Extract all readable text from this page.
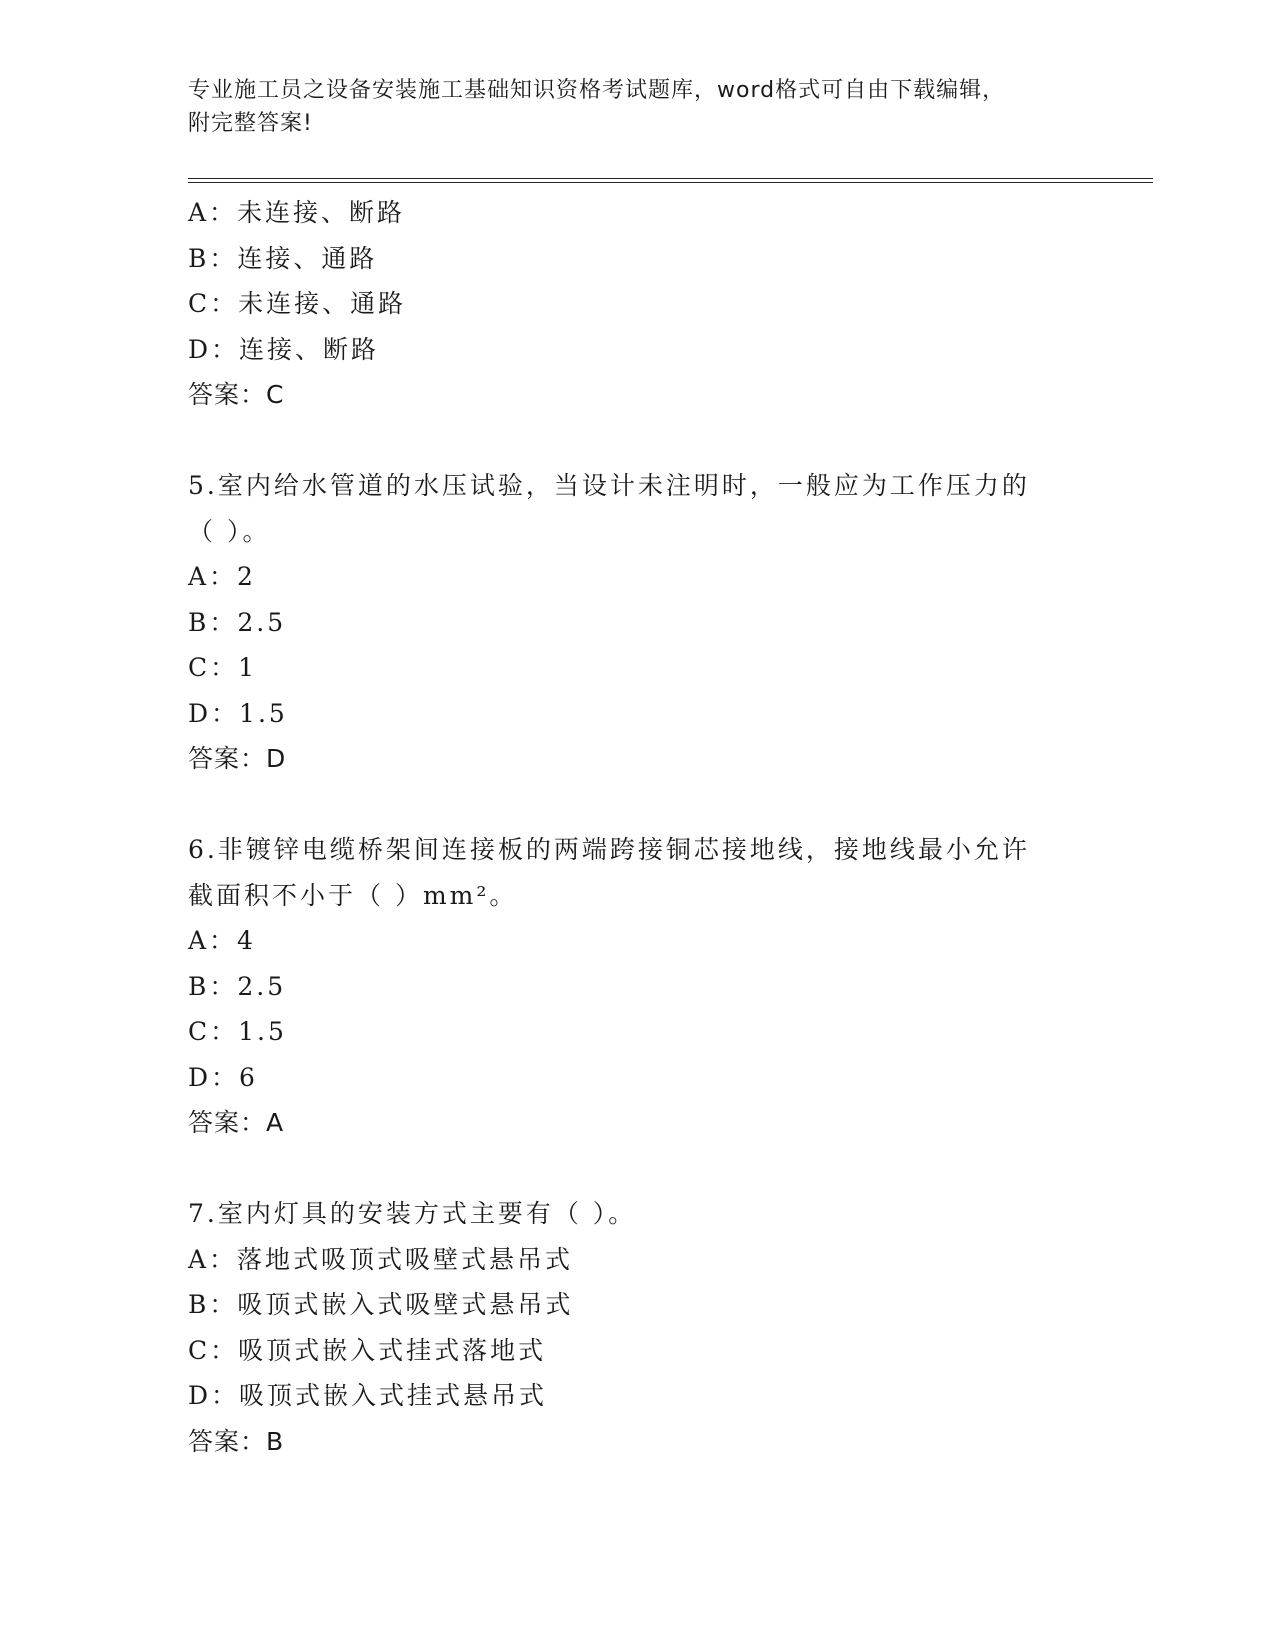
专业施工员之设备安装施工基础知识资格考试题库，word格式可自由下载编辑，
附完整答案!
A：未连接、断路
B：连接、通路
C：未连接、通路
D：连接、断路
答案：C
5.室内给水管道的水压试验，当设计未注明时，一般应为工作压力的
（ ）。
A：2
B：2.5
C：1
D：1.5
答案：D
6.非镀锌电缆桥架间连接板的两端跨接铜芯接地线，接地线最小允许
截面积不小于（ ）mm²。
A：4
B：2.5
C：1.5
D：6
答案：A
7.室内灯具的安装方式主要有（ ）。
A：落地式吸顶式吸壁式悬吊式
B：吸顶式嵌入式吸壁式悬吊式
C：吸顶式嵌入式挂式落地式
D：吸顶式嵌入式挂式悬吊式
答案：B
